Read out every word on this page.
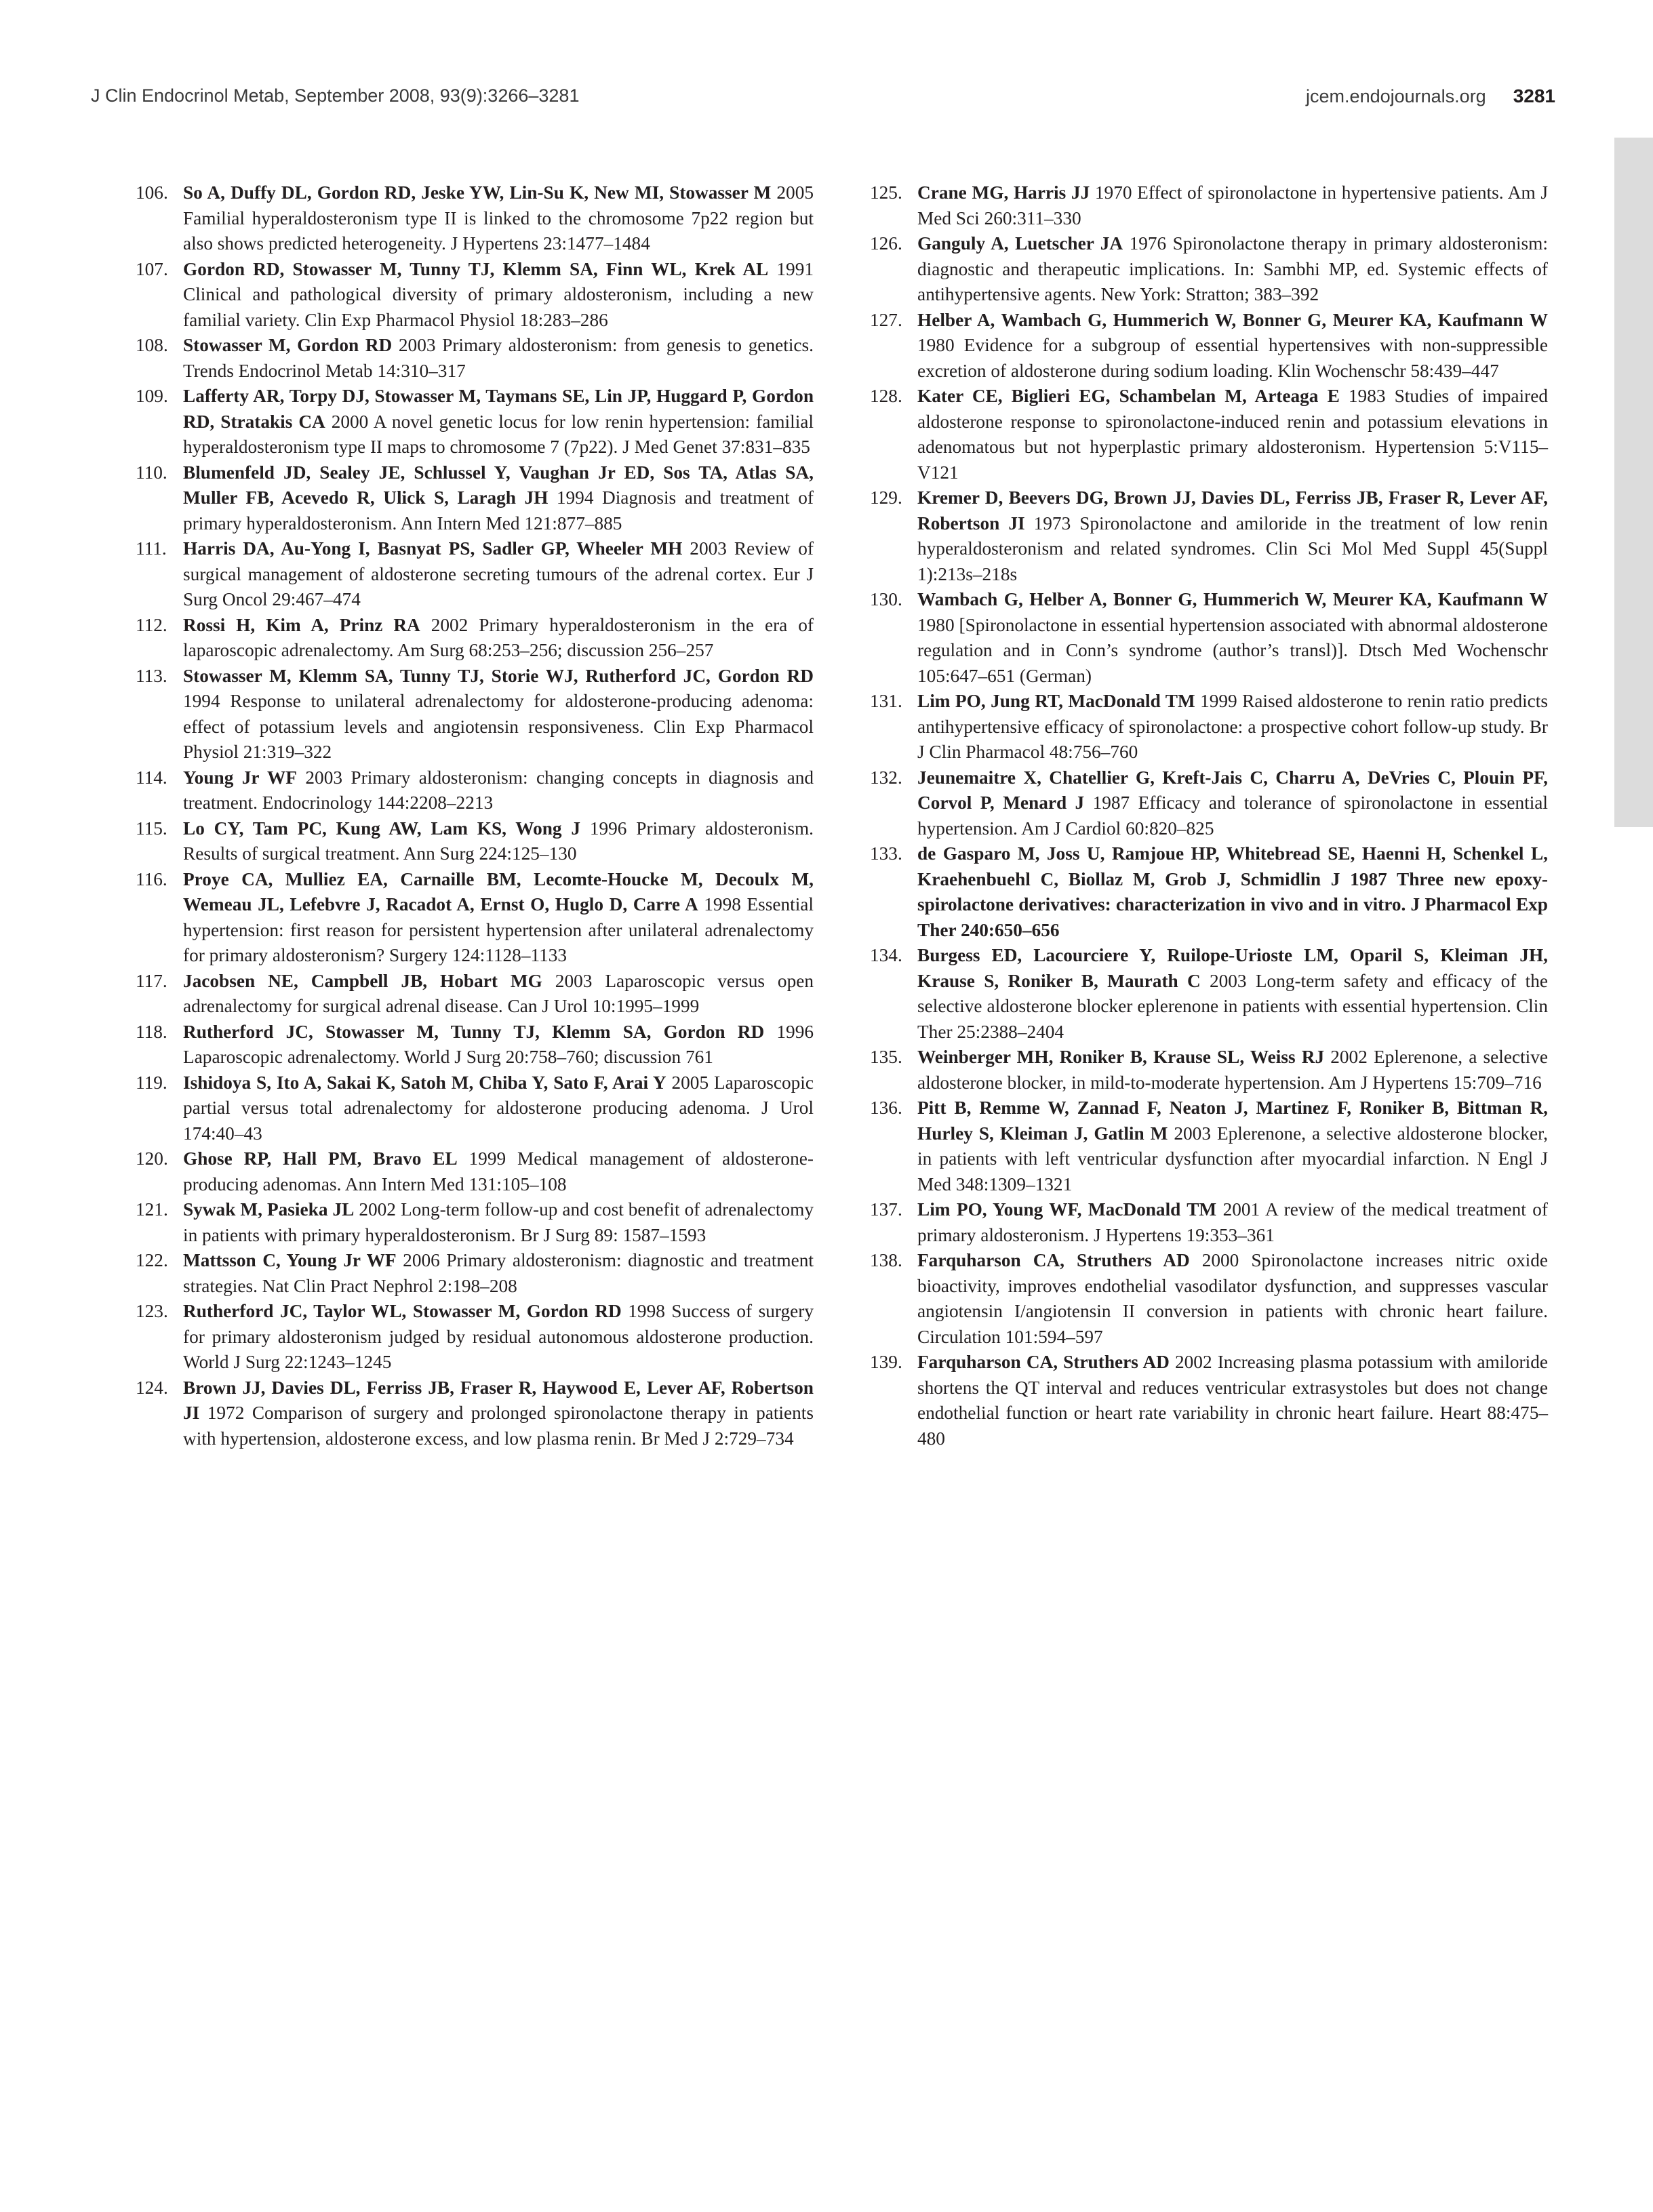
J Clin Endocrinol Metab, September 2008, 93(9):3266–3281	jcem.endojournals.org 3281

106. So A, Duffy DL, Gordon RD, Jeske YW, Lin-Su K, New MI, Stowasser M 2005 Familial hyperaldosteronism type II is linked to the chromosome 7p22 region but also shows predicted heterogeneity. J Hypertens 23:1477–1484

107. Gordon RD, Stowasser M, Tunny TJ, Klemm SA, Finn WL, Krek AL 1991 Clinical and pathological diversity of primary aldosteronism, including a new familial variety. Clin Exp Pharmacol Physiol 18:283–286

108. Stowasser M, Gordon RD 2003 Primary aldosteronism: from genesis to genetics. Trends Endocrinol Metab 14:310–317

109. Lafferty AR, Torpy DJ, Stowasser M, Taymans SE, Lin JP, Huggard P, Gordon RD, Stratakis CA 2000 A novel genetic locus for low renin hypertension: familial hyperaldosteronism type II maps to chromosome 7 (7p22). J Med Genet 37:831–835

110. Blumenfeld JD, Sealey JE, Schlussel Y, Vaughan Jr ED, Sos TA, Atlas SA, Muller FB, Acevedo R, Ulick S, Laragh JH 1994 Diagnosis and treatment of primary hyperaldosteronism. Ann Intern Med 121:877–885

111. Harris DA, Au-Yong I, Basnyat PS, Sadler GP, Wheeler MH 2003 Review of surgical management of aldosterone secreting tumours of the adrenal cortex. Eur J Surg Oncol 29:467–474

112. Rossi H, Kim A, Prinz RA 2002 Primary hyperaldosteronism in the era of laparoscopic adrenalectomy. Am Surg 68:253–256; discussion 256–257

113. Stowasser M, Klemm SA, Tunny TJ, Storie WJ, Rutherford JC, Gordon RD 1994 Response to unilateral adrenalectomy for aldosterone-producing adenoma: effect of potassium levels and angiotensin responsiveness. Clin Exp Pharmacol Physiol 21:319–322

114. Young Jr WF 2003 Primary aldosteronism: changing concepts in diagnosis and treatment. Endocrinology 144:2208–2213

115. Lo CY, Tam PC, Kung AW, Lam KS, Wong J 1996 Primary aldosteronism. Results of surgical treatment. Ann Surg 224:125–130

116. Proye CA, Mulliez EA, Carnaille BM, Lecomte-Houcke M, Decoulx M, Wemeau JL, Lefebvre J, Racadot A, Ernst O, Huglo D, Carre A 1998 Essential hypertension: first reason for persistent hypertension after unilateral adrenalectomy for primary aldosteronism? Surgery 124:1128–1133

117. Jacobsen NE, Campbell JB, Hobart MG 2003 Laparoscopic versus open adrenalectomy for surgical adrenal disease. Can J Urol 10:1995–1999

118. Rutherford JC, Stowasser M, Tunny TJ, Klemm SA, Gordon RD 1996 Laparoscopic adrenalectomy. World J Surg 20:758–760; discussion 761

119. Ishidoya S, Ito A, Sakai K, Satoh M, Chiba Y, Sato F, Arai Y 2005 Laparoscopic partial versus total adrenalectomy for aldosterone producing adenoma. J Urol 174:40–43

120. Ghose RP, Hall PM, Bravo EL 1999 Medical management of aldosterone-producing adenomas. Ann Intern Med 131:105–108

121. Sywak M, Pasieka JL 2002 Long-term follow-up and cost benefit of adrenalectomy in patients with primary hyperaldosteronism. Br J Surg 89: 1587–1593

122. Mattsson C, Young Jr WF 2006 Primary aldosteronism: diagnostic and treatment strategies. Nat Clin Pract Nephrol 2:198–208

123. Rutherford JC, Taylor WL, Stowasser M, Gordon RD 1998 Success of surgery for primary aldosteronism judged by residual autonomous aldosterone production. World J Surg 22:1243–1245

124. Brown JJ, Davies DL, Ferriss JB, Fraser R, Haywood E, Lever AF, Robertson JI 1972 Comparison of surgery and prolonged spironolactone therapy in patients with hypertension, aldosterone excess, and low plasma renin. Br Med J 2:729–734

125. Crane MG, Harris JJ 1970 Effect of spironolactone in hypertensive patients. Am J Med Sci 260:311–330

126. Ganguly A, Luetscher JA 1976 Spironolactone therapy in primary aldosteronism: diagnostic and therapeutic implications. In: Sambhi MP, ed. Systemic effects of antihypertensive agents. New York: Stratton; 383–392

127. Helber A, Wambach G, Hummerich W, Bonner G, Meurer KA, Kaufmann W 1980 Evidence for a subgroup of essential hypertensives with non-suppressible excretion of aldosterone during sodium loading. Klin Wochenschr 58:439–447

128. Kater CE, Biglieri EG, Schambelan M, Arteaga E 1983 Studies of impaired aldosterone response to spironolactone-induced renin and potassium elevations in adenomatous but not hyperplastic primary aldosteronism. Hypertension 5:V115–V121

129. Kremer D, Beevers DG, Brown JJ, Davies DL, Ferriss JB, Fraser R, Lever AF, Robertson JI 1973 Spironolactone and amiloride in the treatment of low renin hyperaldosteronism and related syndromes. Clin Sci Mol Med Suppl 45(Suppl 1):213s–218s

130. Wambach G, Helber A, Bonner G, Hummerich W, Meurer KA, Kaufmann W 1980 [Spironolactone in essential hypertension associated with abnormal aldosterone regulation and in Conn’s syndrome (author’s transl)]. Dtsch Med Wochenschr 105:647–651 (German)

131. Lim PO, Jung RT, MacDonald TM 1999 Raised aldosterone to renin ratio predicts antihypertensive efficacy of spironolactone: a prospective cohort follow-up study. Br J Clin Pharmacol 48:756–760

132. Jeunemaitre X, Chatellier G, Kreft-Jais C, Charru A, DeVries C, Plouin PF, Corvol P, Menard J 1987 Efficacy and tolerance of spironolactone in essential hypertension. Am J Cardiol 60:820–825

133. de Gasparo M, Joss U, Ramjoue HP, Whitebread SE, Haenni H, Schenkel L, Kraehenbuehl C, Biollaz M, Grob J, Schmidlin J 1987 Three new epoxy-spirolactone derivatives: characterization in vivo and in vitro. J Pharmacol Exp Ther 240:650–656

134. Burgess ED, Lacourciere Y, Ruilope-Urioste LM, Oparil S, Kleiman JH, Krause S, Roniker B, Maurath C 2003 Long-term safety and efficacy of the selective aldosterone blocker eplerenone in patients with essential hypertension. Clin Ther 25:2388–2404

135. Weinberger MH, Roniker B, Krause SL, Weiss RJ 2002 Eplerenone, a selective aldosterone blocker, in mild-to-moderate hypertension. Am J Hypertens 15:709–716

136. Pitt B, Remme W, Zannad F, Neaton J, Martinez F, Roniker B, Bittman R, Hurley S, Kleiman J, Gatlin M 2003 Eplerenone, a selective aldosterone blocker, in patients with left ventricular dysfunction after myocardial infarction. N Engl J Med 348:1309–1321

137. Lim PO, Young WF, MacDonald TM 2001 A review of the medical treatment of primary aldosteronism. J Hypertens 19:353–361

138. Farquharson CA, Struthers AD 2000 Spironolactone increases nitric oxide bioactivity, improves endothelial vasodilator dysfunction, and suppresses vascular angiotensin I/angiotensin II conversion in patients with chronic heart failure. Circulation 101:594–597

139. Farquharson CA, Struthers AD 2002 Increasing plasma potassium with amiloride shortens the QT interval and reduces ventricular extrasystoles but does not change endothelial function or heart rate variability in chronic heart failure. Heart 88:475–480
